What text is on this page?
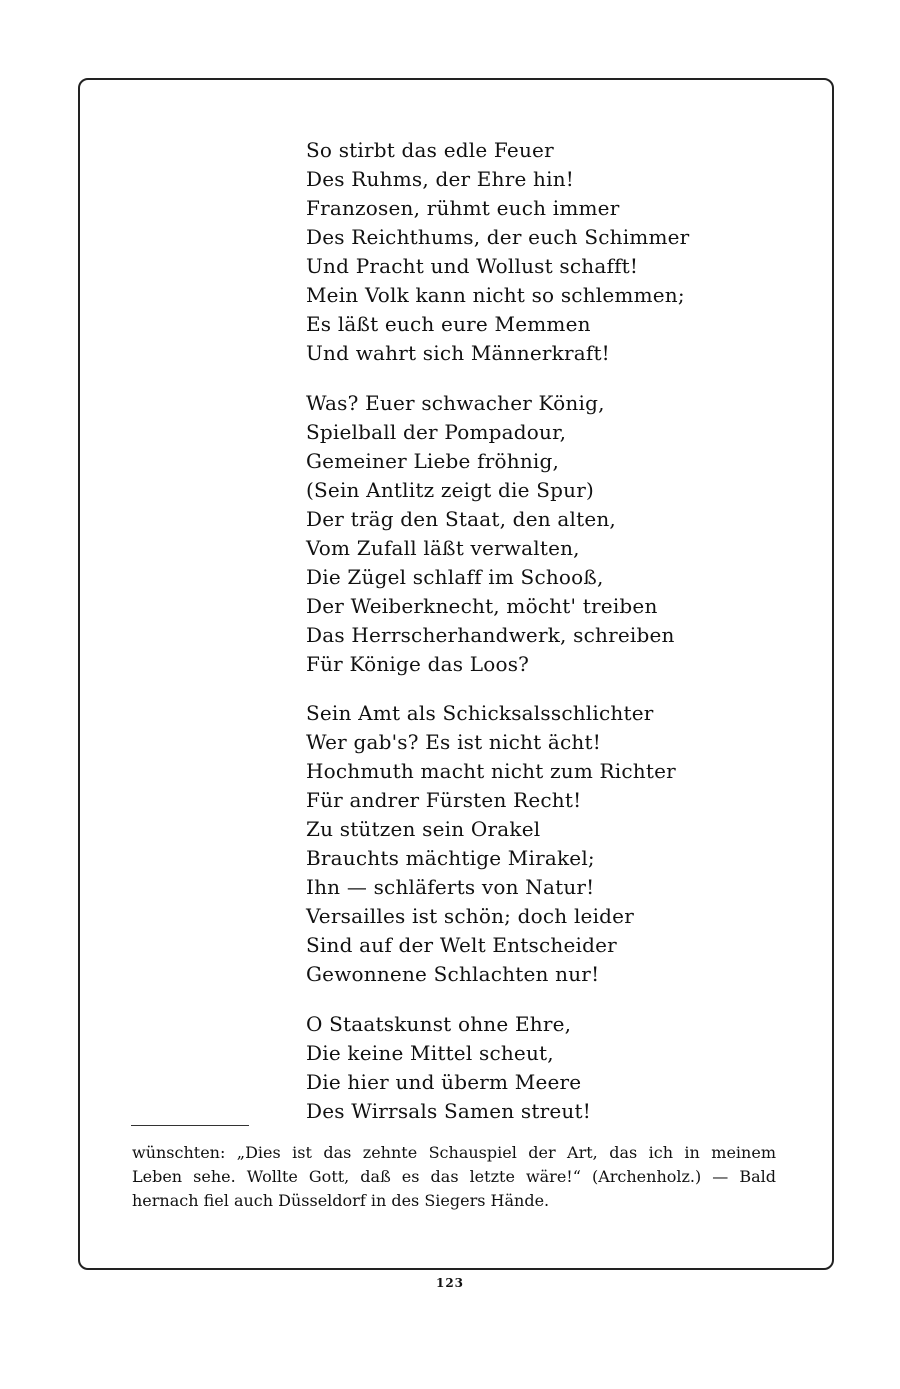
So stirbt das edle Feuer
Des Ruhms, der Ehre hin!
Franzosen, rühmt euch immer
Des Reichthums, der euch Schimmer
Und Pracht und Wollust schafft!
Mein Volk kann nicht so schlemmen;
Es läßt euch eure Memmen
Und wahrt sich Männerkraft!
Was? Euer schwacher König,
Spielball der Pompadour,
Gemeiner Liebe fröhnig,
(Sein Antlitz zeigt die Spur)
Der träg den Staat, den alten,
Vom Zufall läßt verwalten,
Die Zügel schlaff im Schooß,
Der Weiberknecht, möcht' treiben
Das Herrscherhandwerk, schreiben
Für Könige das Loos?
Sein Amt als Schicksalsschlichter
Wer gab's? Es ist nicht ächt!
Hochmuth macht nicht zum Richter
Für andrer Fürsten Recht!
Zu stützen sein Orakel
Brauchts mächtige Mirakel;
Ihn — schläferts von Natur!
Versailles ist schön; doch leider
Sind auf der Welt Entscheider
Gewonnene Schlachten nur!
O Staatskunst ohne Ehre,
Die keine Mittel scheut,
Die hier und überm Meere
Des Wirrsals Samen streut!
wünschten: „Dies ist das zehnte Schauspiel der Art, das ich in meinem
Leben sehe. Wollte Gott, daß es das letzte wäre!“ (Archenholz.) — Bald
hernach fiel auch Düsseldorf in des Siegers Hände.
123
